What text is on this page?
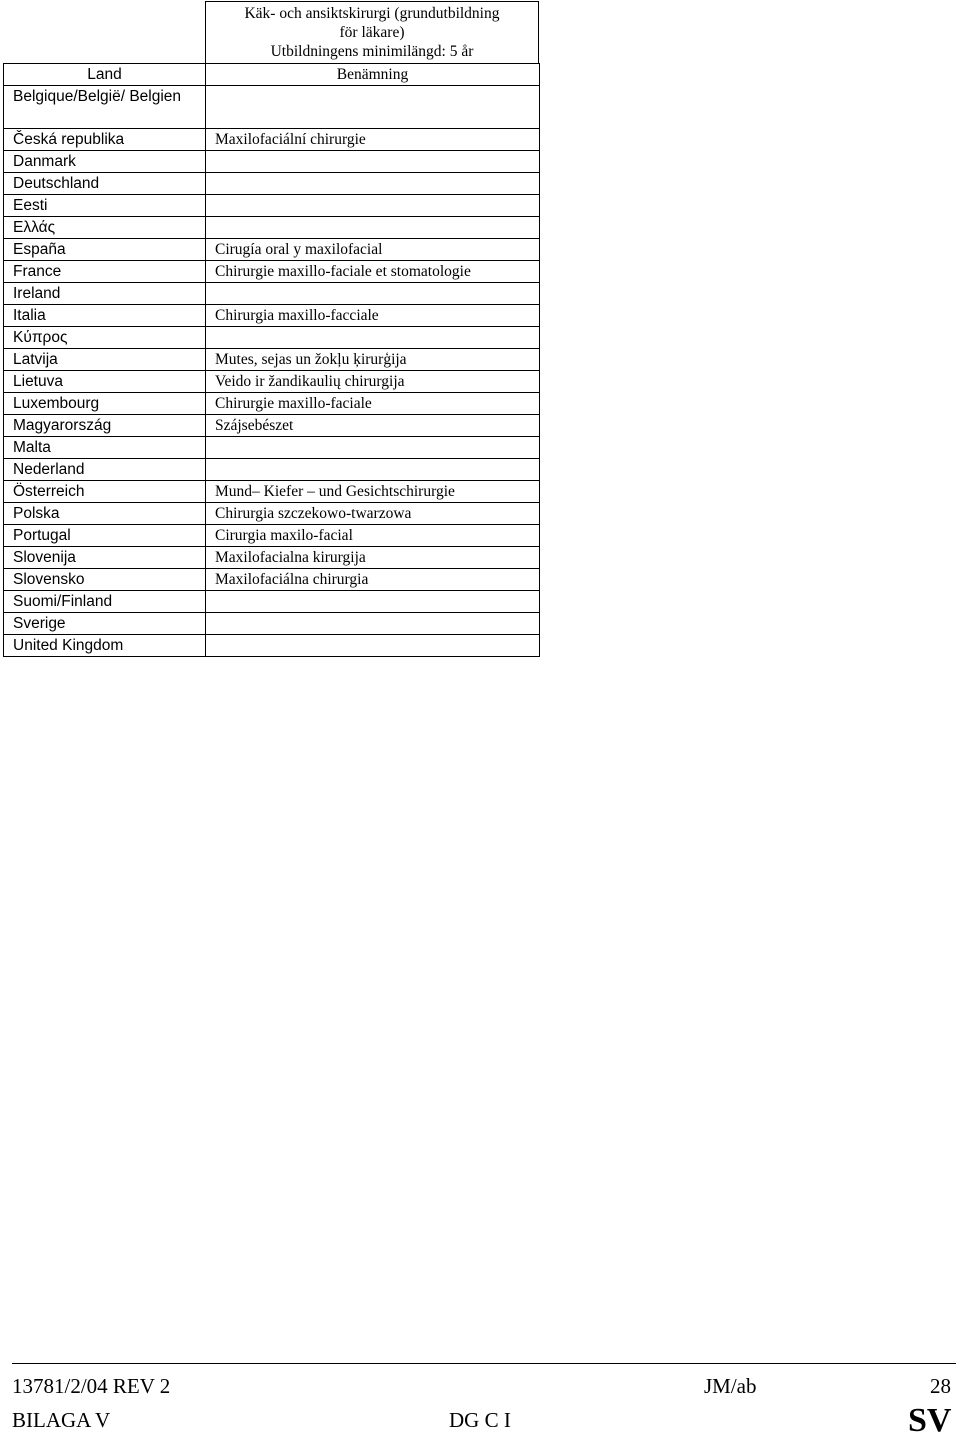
Käk- och ansiktskirurgi (grundutbildning
för läkare)
Utbildningens minimilängd: 5 år
Land	Benämning
Belgique/België/ Belgien	
Česká republika	Maxilofaciální chirurgie
Danmark	
Deutschland	
Eesti	
Ελλάς	
España	Cirugía oral y maxilofacial
France	Chirurgie maxillo-faciale et stomatologie
Ireland	
Italia	Chirurgia maxillo-facciale
Κύπρος	
Latvija	Mutes, sejas un žokļu ķirurģija
Lietuva	Veido ir žandikaulių chirurgija
Luxembourg	Chirurgie maxillo-faciale
Magyarország	Szájsebészet
Malta	
Nederland	
Österreich	Mund– Kiefer – und Gesichtschirurgie
Polska	Chirurgia szczekowo-twarzowa
Portugal	Cirurgia maxilo-facial
Slovenija	Maxilofacialna kirurgija
Slovensko	Maxilofaciálna chirurgia
Suomi/Finland	
Sverige	
United Kingdom	
13781/2/04 REV 2	JM/ab	28
BILAGA V	DG C I	SV
